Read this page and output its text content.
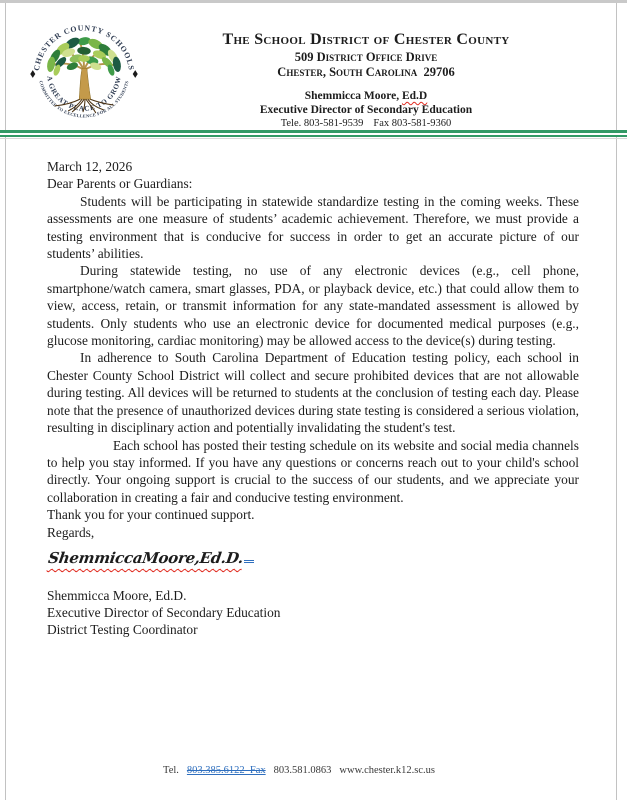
CHESTER COUNTY SCHOOLS
A GREAT PLACE TO GROW
COMMITTED TO EXCELLENCE FOR ALL STUDENTS
The School District of Chester County
509 District Office Drive
Chester, South Carolina  29706
Shemmicca Moore, Ed.D
Executive Director of Secondary Education
Tele. 803-581-9539 Fax 803-581-9360

March 12, 2026

Dear Parents or Guardians:

Students will be participating in statewide standardize testing in the coming weeks. These assessments are one measure of students’ academic achievement. Therefore, we must provide a testing environment that is conducive for success in order to get an accurate picture of our students’ abilities.

During statewide testing, no use of any electronic devices (e.g., cell phone, smartphone/watch camera, smart glasses, PDA, or playback device, etc.) that could allow them to view, access, retain, or transmit information for any state-mandated assessment is allowed by students. Only students who use an electronic device for documented medical purposes (e.g., glucose monitoring, cardiac monitoring) may be allowed access to the device(s) during testing.

In adherence to South Carolina Department of Education testing policy, each school in Chester County School District will collect and secure prohibited devices that are not allowable during testing. All devices will be returned to students at the conclusion of testing each day. Please note that the presence of unauthorized devices during state testing is considered a serious violation, resulting in disciplinary action and potentially invalidating the student's test.

Each school has posted their testing schedule on its website and social media channels to help you stay informed. If you have any questions or concerns reach out to your child's school directly. Your ongoing support is crucial to the success of our students, and we appreciate your collaboration in creating a fair and conducive testing environment.

Thank you for your continued support.

Regards,

ShemmiccaMoore,Ed.D.

Shemmicca Moore, Ed.D.

Executive Director of Secondary Education

District Testing Coordinator

Tel. 803.385.6122  Fax 803.581.0863 www.chester.k12.sc.us
